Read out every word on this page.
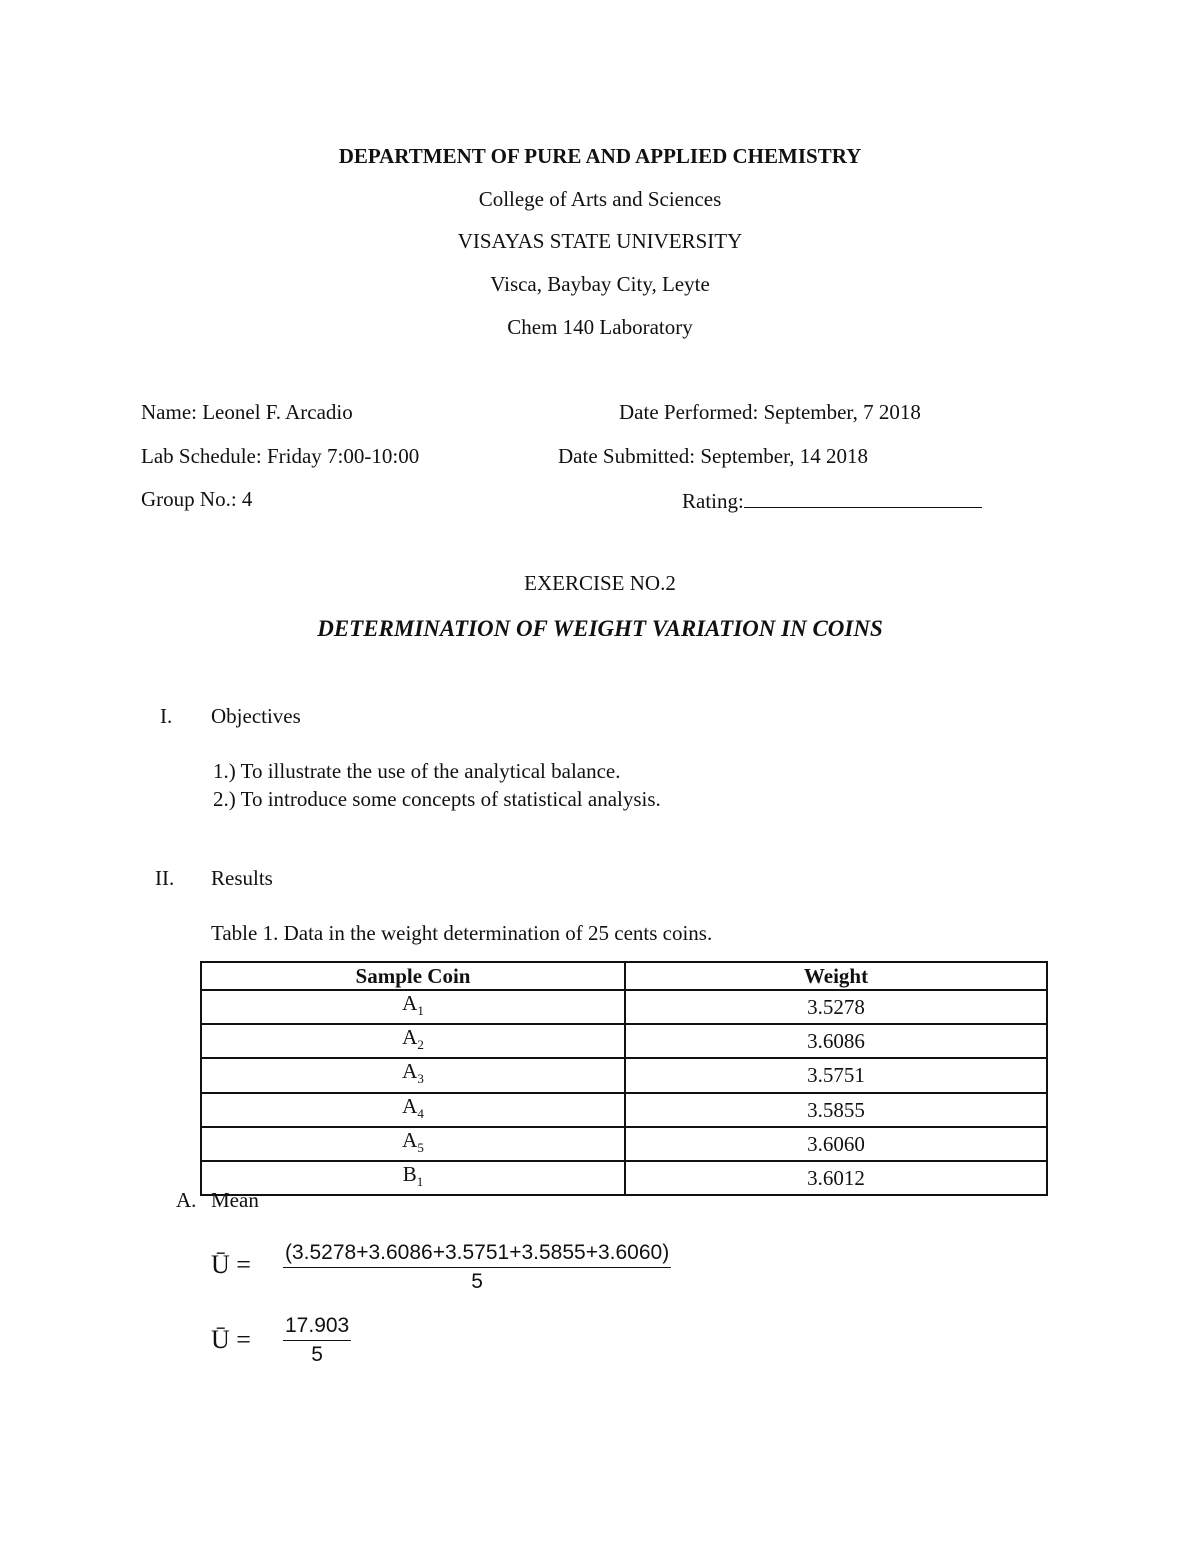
DEPARTMENT OF PURE AND APPLIED CHEMISTRY
College of Arts and Sciences
VISAYAS STATE UNIVERSITY
Visca, Baybay City, Leyte
Chem 140 Laboratory
Name: Leonel F. Arcadio	Date Performed: September, 7 2018
Lab Schedule: Friday 7:00-10:00	Date Submitted: September, 14 2018
Group No.: 4	Rating:
EXERCISE NO.2
DETERMINATION OF WEIGHT VARIATION IN COINS
I. Objectives
1.) To illustrate the use of the analytical balance.
2.) To introduce some concepts of statistical analysis.
II. Results
Table 1. Data in the weight determination of 25 cents coins.
Sample Coin	Weight
$A_1$	3.5278
$A_2$	3.6086
$A_3$	3.5751
$A_4$	3.5855
$A_5$	3.6060
$B_1$	3.6012
A. Mean
Ū = $\frac{(3.5278+3.6086+3.5751+3.5855+3.6060)}{5}$
Ū = $\frac{17.903}{5}$
